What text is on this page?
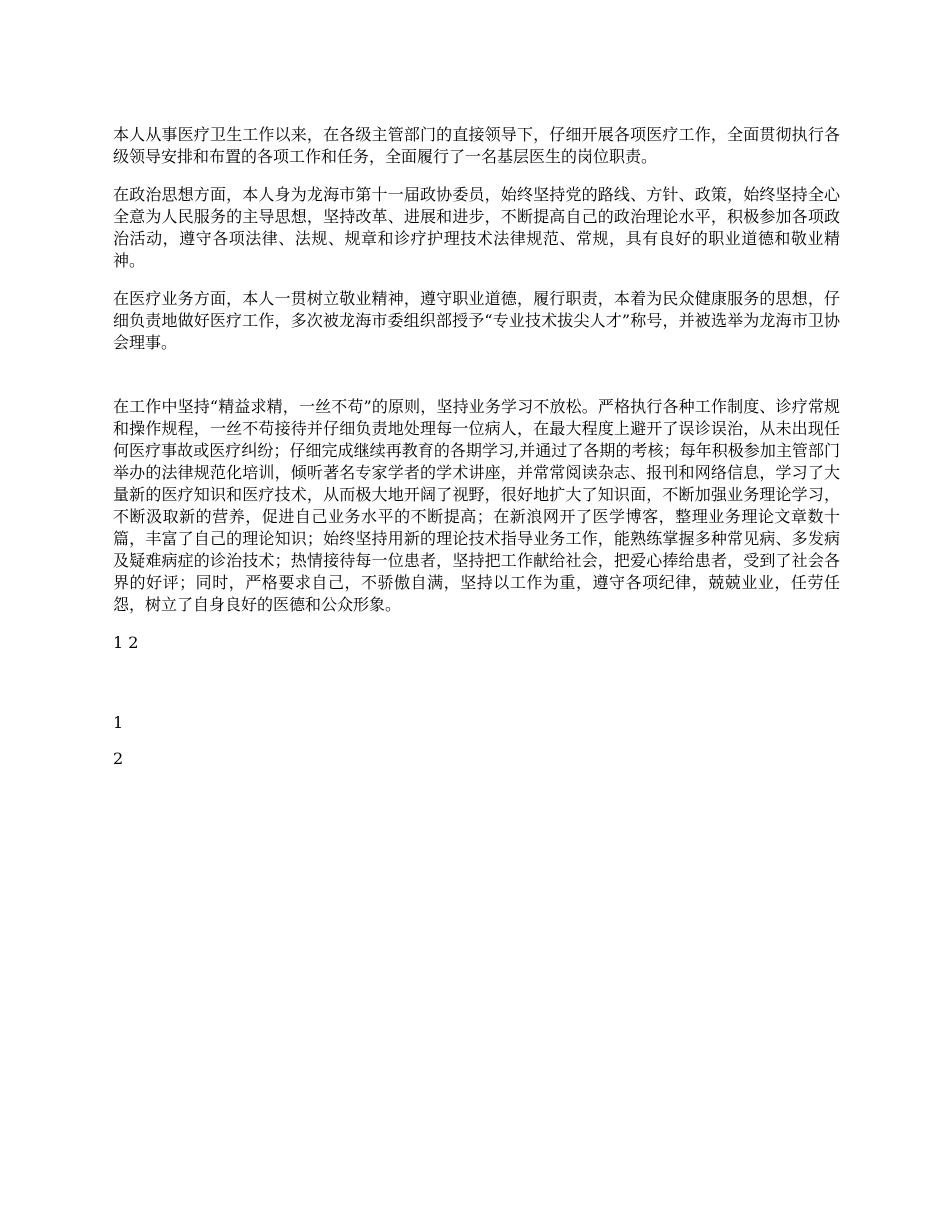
本人从事医疗卫生工作以来，在各级主管部门的直接领导下，仔细开展各项医疗工作，全面贯彻执行各级领导安排和布置的各项工作和任务，全面履行了一名基层医生的岗位职责。

在政治思想方面，本人身为龙海市第十一届政协委员，始终坚持党的路线、方针、政策，始终坚持全心全意为人民服务的主导思想，坚持改革、进展和进步，不断提高自己的政治理论水平，积极参加各项政治活动，遵守各项法律、法规、规章和诊疗护理技术法律规范、常规，具有良好的职业道德和敬业精神。

在医疗业务方面，本人一贯树立敬业精神，遵守职业道德，履行职责，本着为民众健康服务的思想，仔细负责地做好医疗工作，多次被龙海市委组织部授予“专业技术拔尖人才”称号，并被选举为龙海市卫协会理事。

在工作中坚持“精益求精，一丝不苟”的原则，坚持业务学习不放松。严格执行各种工作制度、诊疗常规和操作规程，一丝不苟接待并仔细负责地处理每一位病人，在最大程度上避开了误诊误治，从未出现任何医疗事故或医疗纠纷；仔细完成继续再教育的各期学习,并通过了各期的考核；每年积极参加主管部门举办的法律规范化培训，倾听著名专家学者的学术讲座，并常常阅读杂志、报刊和网络信息，学习了大量新的医疗知识和医疗技术，从而极大地开阔了视野，很好地扩大了知识面，不断加强业务理论学习，不断汲取新的营养，促进自己业务水平的不断提高；在新浪网开了医学博客，整理业务理论文章数十篇，丰富了自己的理论知识；始终坚持用新的理论技术指导业务工作，能熟练掌握多种常见病、多发病及疑难病症的诊治技术；热情接待每一位患者，坚持把工作献给社会，把爱心捧给患者，受到了社会各界的好评；同时，严格要求自己，不骄傲自满，坚持以工作为重，遵守各项纪律，兢兢业业，任劳任怨，树立了自身良好的医德和公众形象。

1 2

1

2
